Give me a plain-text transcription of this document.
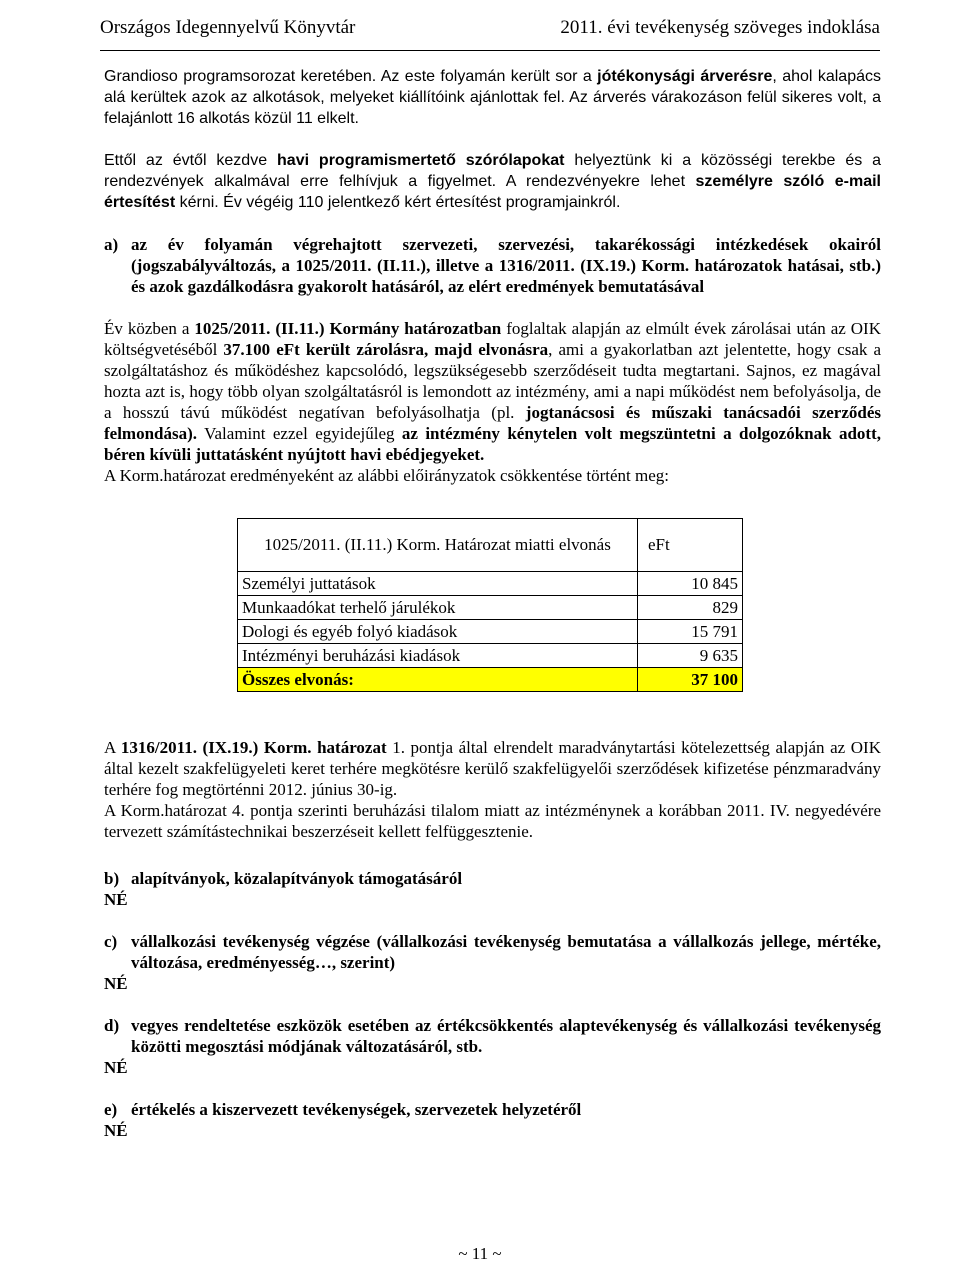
Országos Idegennyelvű Könyvtár	2011. évi tevékenység szöveges indoklása

Grandioso programsorozat keretében. Az este folyamán került sor a jótékonysági árverésre, ahol kalapács alá kerültek azok az alkotások, melyeket kiállítóink ajánlottak fel. Az árverés várakozáson felül sikeres volt, a felajánlott 16 alkotás közül 11 elkelt.

Ettől az évtől kezdve havi programismertető szórólapokat helyeztünk ki a közösségi terekbe és a rendezvények alkalmával erre felhívjuk a figyelmet. A rendezvényekre lehet személyre szóló e-mail értesítést kérni. Év végéig 110 jelentkező kért értesítést programjainkról.

a) az év folyamán végrehajtott szervezeti, szervezési, takarékossági intézkedések okairól (jogszabályváltozás, a 1025/2011. (II.11.), illetve a 1316/2011. (IX.19.) Korm. határozatok hatásai, stb.) és azok gazdálkodásra gyakorolt hatásáról, az elért eredmények bemutatásával

Év közben a 1025/2011. (II.11.) Kormány határozatban foglaltak alapján az elmúlt évek zárolásai után az OIK költségvetéséből 37.100 eFt került zárolásra, majd elvonásra, ami a gyakorlatban azt jelentette, hogy csak a szolgáltatáshoz és működéshez kapcsolódó, legszükségesebb szerződéseit tudta megtartani. Sajnos, ez magával hozta azt is, hogy több olyan szolgáltatásról is lemondott az intézmény, ami a napi működést nem befolyásolja, de a hosszú távú működést negatívan befolyásolhatja (pl. jogtanácsosi és műszaki tanácsadói szerződés felmondása). Valamint ezzel egyidejűleg az intézmény kénytelen volt megszüntetni a dolgozóknak adott, béren kívüli juttatásként nyújtott havi ebédjegyeket.

A Korm.határozat eredményeként az alábbi előirányzatok csökkentése történt meg:

1025/2011. (II.11.) Korm. Határozat miatti elvonás	eFt
Személyi juttatások	10 845
Munkaadókat terhelő járulékok	829
Dologi és egyéb folyó kiadások	15 791
Intézményi beruházási kiadások	9 635
Összes elvonás:	37 100

A 1316/2011. (IX.19.) Korm. határozat 1. pontja által elrendelt maradványtartási kötelezettség alapján az OIK által kezelt szakfelügyeleti keret terhére megkötésre kerülő szakfelügyelői szerződések kifizetése pénzmaradvány terhére fog megtörténni 2012. június 30-ig.

A Korm.határozat 4. pontja szerinti beruházási tilalom miatt az intézménynek a korábban 2011. IV. negyedévére tervezett számítástechnikai beszerzéseit kellett felfüggesztenie.

b) alapítványok, közalapítványok támogatásáról

NÉ

c) vállalkozási tevékenység végzése (vállalkozási tevékenység bemutatása a vállalkozás jellege, mértéke, változása, eredményesség…, szerint)

NÉ

d) vegyes rendeltetése eszközök esetében az értékcsökkentés alaptevékenység és vállalkozási tevékenység közötti megosztási módjának változatásáról, stb.

NÉ

e) értékelés a kiszervezett tevékenységek, szervezetek helyzetéről

NÉ

~ 11 ~
